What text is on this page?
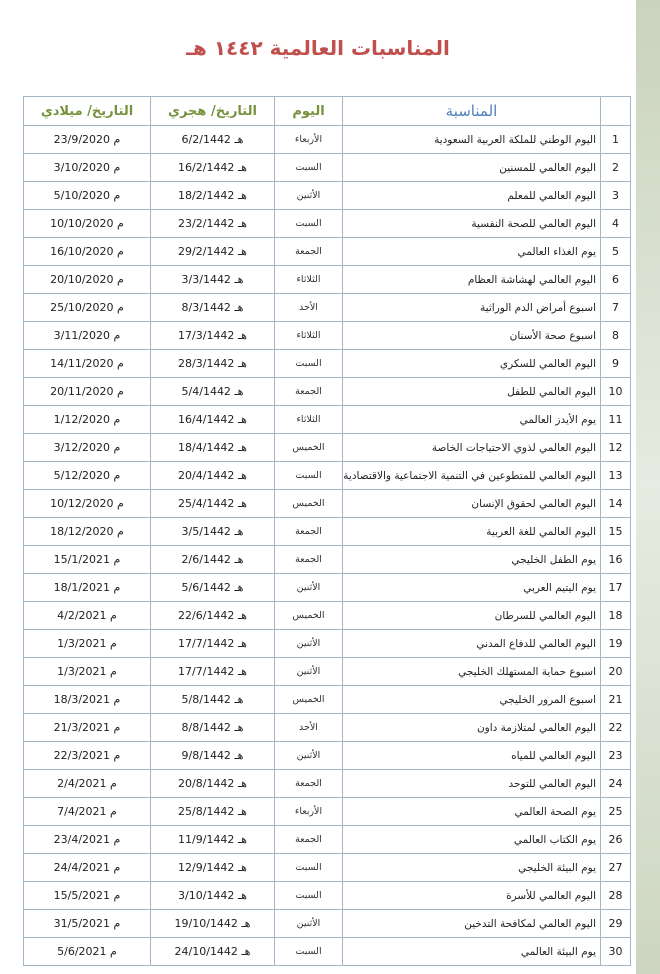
المناسبات العالمية ١٤٤٢ هـ
	المناسبة	اليوم	التاريخ/ هجري	التاريخ/ ميلادي
1	اليوم الوطني للملكة العربية السعودية	الأربعاء	6/2/1442 هـ	23/9/2020 م
2	اليوم العالمي للمسنين	السبت	16/2/1442 هـ	3/10/2020 م
3	اليوم العالمي للمعلم	الأثنين	18/2/1442 هـ	5/10/2020 م
4	اليوم العالمي للصحة النفسية	السبت	23/2/1442 هـ	10/10/2020 م
5	يوم الغذاء العالمي	الجمعة	29/2/1442 هـ	16/10/2020 م
6	اليوم العالمي لهشاشة العظام	الثلاثاء	3/3/1442 هـ	20/10/2020 م
7	اسبوع أمراض الدم الوراثية	الأحد	8/3/1442 هـ	25/10/2020 م
8	اسبوع صحة الأسنان	الثلاثاء	17/3/1442 هـ	3/11/2020 م
9	اليوم العالمي للسكري	السبت	28/3/1442 هـ	14/11/2020 م
10	اليوم العالمي للطفل	الجمعة	5/4/1442 هـ	20/11/2020 م
11	يوم الأيدز العالمي	الثلاثاء	16/4/1442 هـ	1/12/2020 م
12	اليوم العالمي لذوي الاحتياجات الخاصة	الخميس	18/4/1442 هـ	3/12/2020 م
13	اليوم العالمي للمتطوعين في التنمية الاجتماعية والاقتصادية	السبت	20/4/1442 هـ	5/12/2020 م
14	اليوم العالمي لحقوق الإنسان	الخميس	25/4/1442 هـ	10/12/2020 م
15	اليوم العالمي للغة العربية	الجمعة	3/5/1442 هـ	18/12/2020 م
16	يوم الطفل الخليجي	الجمعة	2/6/1442 هـ	15/1/2021 م
17	يوم اليتيم العربي	الأثنين	5/6/1442 هـ	18/1/2021 م
18	اليوم العالمي للسرطان	الخميس	22/6/1442 هـ	4/2/2021 م
19	اليوم العالمي للدفاع المدني	الأثنين	17/7/1442 هـ	1/3/2021 م
20	اسبوع حماية المستهلك الخليجي	الأثنين	17/7/1442 هـ	1/3/2021 م
21	اسبوع المرور الخليجي	الخميس	5/8/1442 هـ	18/3/2021 م
22	اليوم العالمي لمتلازمة داون	الأحد	8/8/1442 هـ	21/3/2021 م
23	اليوم العالمي للمياه	الأثنين	9/8/1442 هـ	22/3/2021 م
24	اليوم العالمي للتوحد	الجمعة	20/8/1442 هـ	2/4/2021 م
25	يوم الصحة العالمي	الأربعاء	25/8/1442 هـ	7/4/2021 م
26	يوم الكتاب العالمي	الجمعة	11/9/1442 هـ	23/4/2021 م
27	يوم البيئة الخليجي	السبت	12/9/1442 هـ	24/4/2021 م
28	اليوم العالمي للأسرة	السبت	3/10/1442 هـ	15/5/2021 م
29	اليوم العالمي لمكافحة التدخين	الأثنين	19/10/1442 هـ	31/5/2021 م
30	يوم البيئة العالمي	السبت	24/10/1442 هـ	5/6/2021 م
